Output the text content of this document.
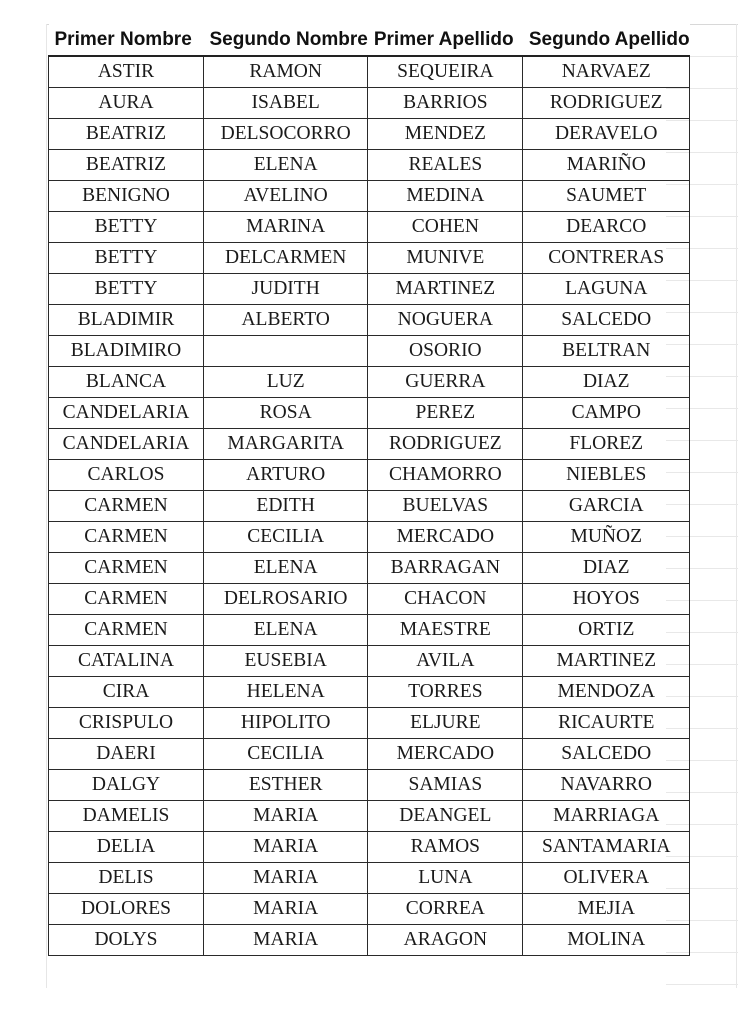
Primer Nombre	Segundo Nombre	Primer Apellido	Segundo Apellido
ASTIR	RAMON	SEQUEIRA	NARVAEZ
AURA	ISABEL	BARRIOS	RODRIGUEZ
BEATRIZ	DELSOCORRO	MENDEZ	DERAVELO
BEATRIZ	ELENA	REALES	MARIÑO
BENIGNO	AVELINO	MEDINA	SAUMET
BETTY	MARINA	COHEN	DEARCO
BETTY	DELCARMEN	MUNIVE	CONTRERAS
BETTY	JUDITH	MARTINEZ	LAGUNA
BLADIMIR	ALBERTO	NOGUERA	SALCEDO
BLADIMIRO		OSORIO	BELTRAN
BLANCA	LUZ	GUERRA	DIAZ
CANDELARIA	ROSA	PEREZ	CAMPO
CANDELARIA	MARGARITA	RODRIGUEZ	FLOREZ
CARLOS	ARTURO	CHAMORRO	NIEBLES
CARMEN	EDITH	BUELVAS	GARCIA
CARMEN	CECILIA	MERCADO	MUÑOZ
CARMEN	ELENA	BARRAGAN	DIAZ
CARMEN	DELROSARIO	CHACON	HOYOS
CARMEN	ELENA	MAESTRE	ORTIZ
CATALINA	EUSEBIA	AVILA	MARTINEZ
CIRA	HELENA	TORRES	MENDOZA
CRISPULO	HIPOLITO	ELJURE	RICAURTE
DAERI	CECILIA	MERCADO	SALCEDO
DALGY	ESTHER	SAMIAS	NAVARRO
DAMELIS	MARIA	DEANGEL	MARRIAGA
DELIA	MARIA	RAMOS	SANTAMARIA
DELIS	MARIA	LUNA	OLIVERA
DOLORES	MARIA	CORREA	MEJIA
DOLYS	MARIA	ARAGON	MOLINA
